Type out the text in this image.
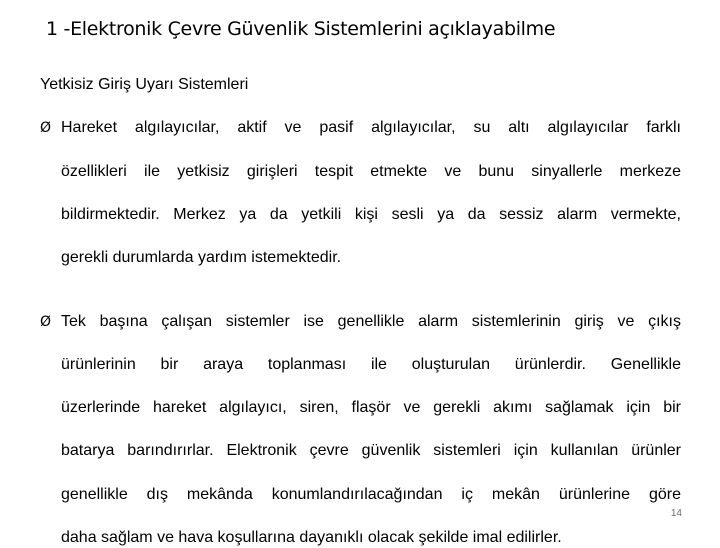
1 -Elektronik Çevre Güvenlik Sistemlerini açıklayabilme
Yetkisiz Giriş Uyarı Sistemleri
Ø Hareket algılayıcılar, aktif ve pasif algılayıcılar, su altı algılayıcılar farklı
özellikleri ile yetkisiz girişleri tespit etmekte ve bunu sinyallerle merkeze
bildirmektedir. Merkez ya da yetkili kişi sesli ya da sessiz alarm vermekte,
gerekli durumlarda yardım istemektedir.
Ø Tek başına çalışan sistemler ise genellikle alarm sistemlerinin giriş ve çıkış
ürünlerinin bir araya toplanması ile oluşturulan ürünlerdir. Genellikle
üzerlerinde hareket algılayıcı, siren, flaşör ve gerekli akımı sağlamak için bir
batarya barındırırlar. Elektronik çevre güvenlik sistemleri için kullanılan ürünler
genellikle dış mekânda konumlandırılacağından iç mekân ürünlerine göre
daha sağlam ve hava koşullarına dayanıklı olacak şekilde imal edilirler.
14
